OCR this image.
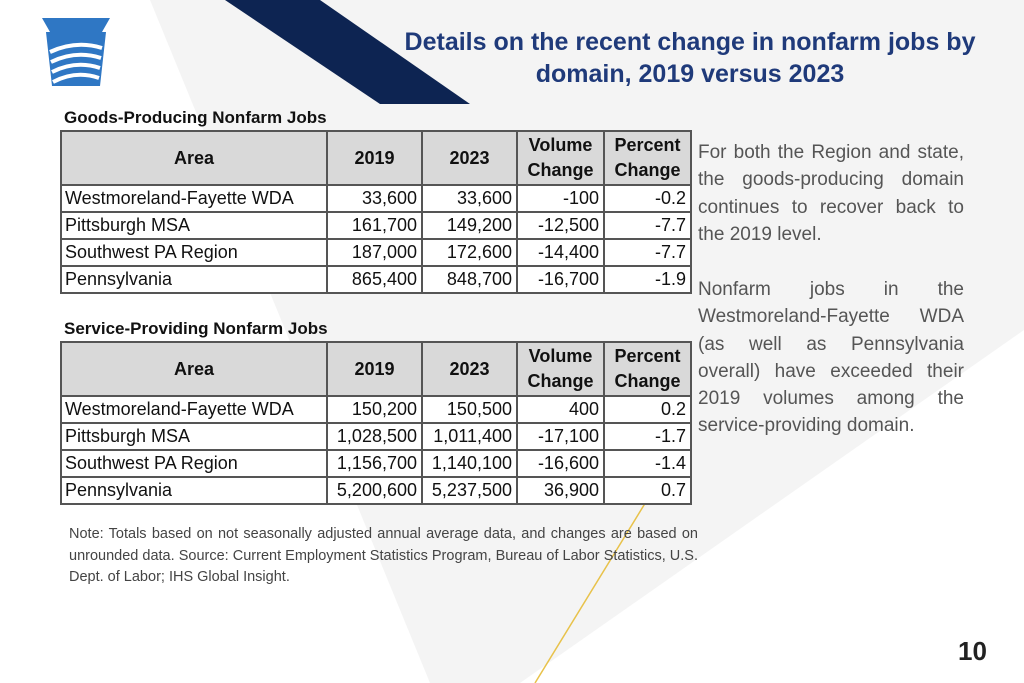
Details on the recent change in nonfarm jobs by domain, 2019 versus 2023
Goods-Producing Nonfarm Jobs
Area	2019	2023	Volume Change	Percent Change
Westmoreland-Fayette WDA	33,600	33,600	-100	-0.2
Pittsburgh MSA	161,700	149,200	-12,500	-7.7
Southwest PA Region	187,000	172,600	-14,400	-7.7
Pennsylvania	865,400	848,700	-16,700	-1.9
Service-Providing Nonfarm Jobs
Area	2019	2023	Volume Change	Percent Change
Westmoreland-Fayette WDA	150,200	150,500	400	0.2
Pittsburgh MSA	1,028,500	1,011,400	-17,100	-1.7
Southwest PA Region	1,156,700	1,140,100	-16,600	-1.4
Pennsylvania	5,200,600	5,237,500	36,900	0.7
For both the Region and state, the goods-producing domain continues to recover back to the 2019 level.
Nonfarm jobs in the Westmoreland-Fayette WDA (as well as Pennsylvania overall) have exceeded their 2019 volumes among the service-providing domain.
Note: Totals based on not seasonally adjusted annual average data, and changes are based on unrounded data. Source: Current Employment Statistics Program, Bureau of Labor Statistics, U.S. Dept. of Labor; IHS Global Insight.
10
